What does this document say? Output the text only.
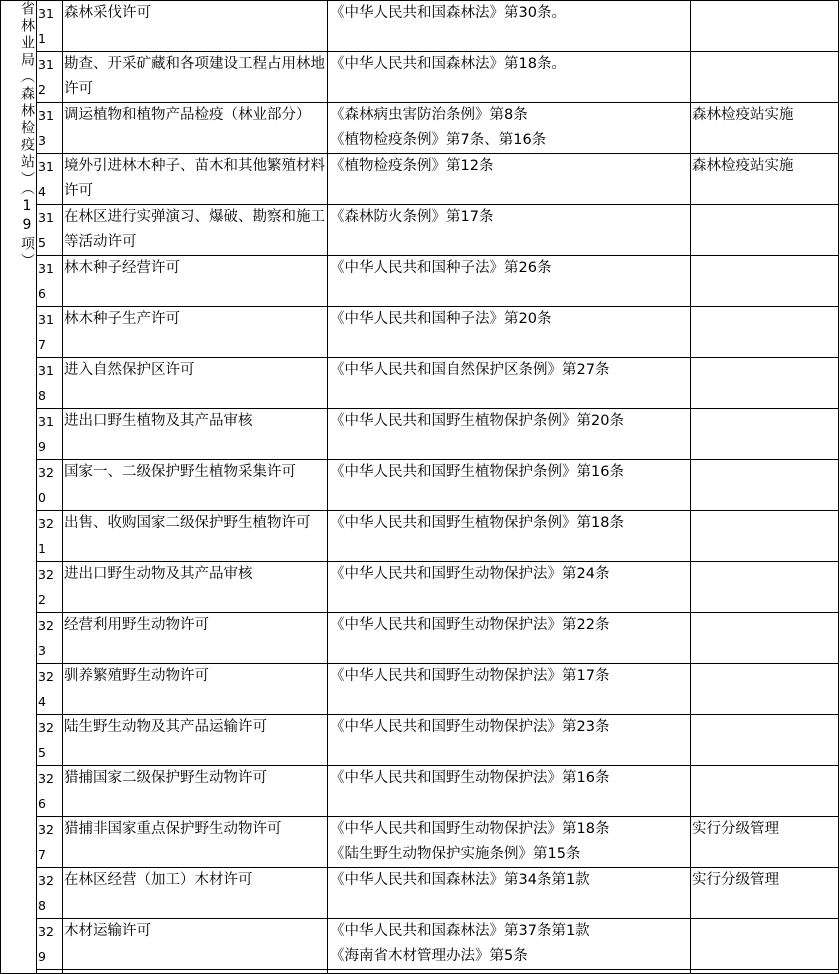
省林业局（森林检疫站）（19项）	311	森林采伐许可	《中华人民共和国森林法》第30条。	

	312	勘查、开采矿藏和各项建设工程占用林地许可	《中华人民共和国森林法》第18条。	

	313	调运植物和植物产品检疫（林业部分）	《森林病虫害防治条例》第8条
《植物检疫条例》第7条、第16条	森林检疫站实施
	314	境外引进林木种子、苗木和其他繁殖材料许可	《植物检疫条例》第12条	森林检疫站实施
	315	在林区进行实弹演习、爆破、勘察和施工等活动许可	《森林防火条例》第17条	

	316	林木种子经营许可	《中华人民共和国种子法》第26条	

	317	林木种子生产许可	《中华人民共和国种子法》第20条	

	318	进入自然保护区许可	《中华人民共和国自然保护区条例》第27条	

	319	进出口野生植物及其产品审核	《中华人民共和国野生植物保护条例》第20条	

	320	国家一、二级保护野生植物采集许可	《中华人民共和国野生植物保护条例》第16条	

	321	出售、收购国家二级保护野生植物许可	《中华人民共和国野生植物保护条例》第18条	

	322	进出口野生动物及其产品审核	《中华人民共和国野生动物保护法》第24条	

	323	经营利用野生动物许可	《中华人民共和国野生动物保护法》第22条	

	324	驯养繁殖野生动物许可	《中华人民共和国野生动物保护法》第17条	

	325	陆生野生动物及其产品运输许可	《中华人民共和国野生动物保护法》第23条	

	326	猎捕国家二级保护野生动物许可	《中华人民共和国野生动物保护法》第16条	

	327	猎捕非国家重点保护野生动物许可	《中华人民共和国野生动物保护法》第18条
《陆生野生动物保护实施条例》第15条	实行分级管理
	328	在林区经营（加工）木材许可	《中华人民共和国森林法》第34条第1款	实行分级管理
	329	木材运输许可	《中华人民共和国森林法》第37条第1款
《海南省木材管理办法》第5条	
